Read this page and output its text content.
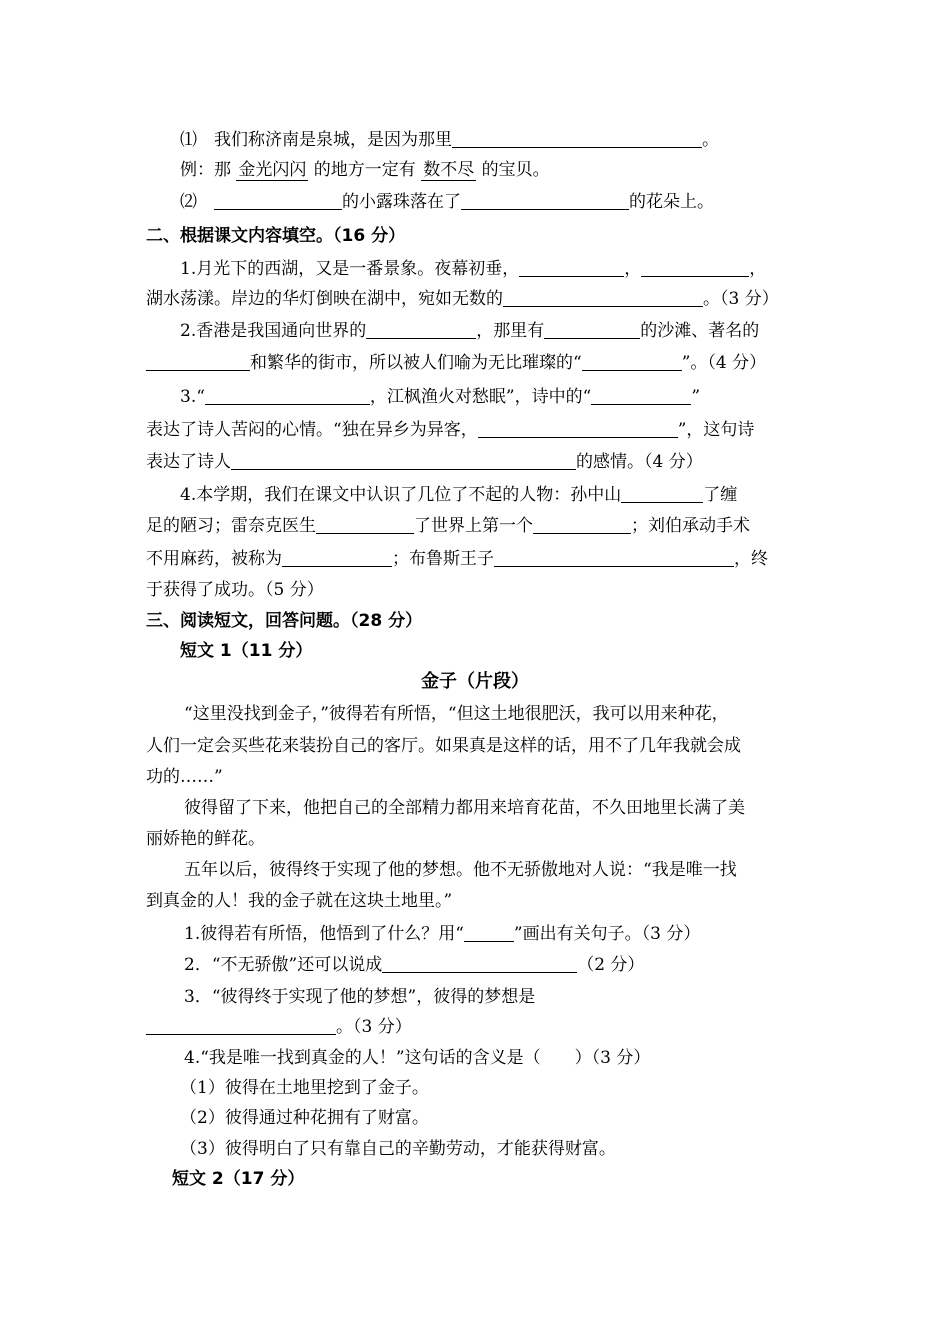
⑴　我们称济南是泉城，是因为那里	。
例：那 金光闪闪 的地方一定有 数不尽 的宝贝。
⑵　	的小露珠落在了	的花朵上。
二、根据课文内容填空。（16 分）
1.月光下的西湖，又是一番景象。夜幕初垂，	，	，
湖水荡漾。岸边的华灯倒映在湖中，宛如无数的	。（3 分）
2.香港是我国通向世界的	，那里有	的沙滩、著名的
和繁华的街市，所以被人们喻为无比璀璨的“	”。（4 分）
3.“	，江枫渔火对愁眠”，诗中的“	”
表达了诗人苦闷的心情。“独在异乡为异客，	”，这句诗
表达了诗人	的感情。（4 分）
4.本学期，我们在课文中认识了几位了不起的人物：孙中山	了缠
足的陋习；雷奈克医生	了世界上第一个	；刘伯承动手术
不用麻药，被称为	；布鲁斯王子	，终
于获得了成功。（5 分）
三、阅读短文，回答问题。（28 分）
短文 1（11 分）
金子（片段）
“这里没找到金子，”彼得若有所悟，“但这土地很肥沃，我可以用来种花，
人们一定会买些花来装扮自己的客厅。如果真是这样的话，用不了几年我就会成
功的……”
彼得留了下来，他把自己的全部精力都用来培育花苗，不久田地里长满了美
丽娇艳的鲜花。
五年以后，彼得终于实现了他的梦想。他不无骄傲地对人说：“我是唯一找
到真金的人！我的金子就在这块土地里。”
1.彼得若有所悟，他悟到了什么？用“	”画出有关句子。（3 分）
2．“不无骄傲”还可以说成	（2 分）
3．“彼得终于实现了他的梦想”，彼得的梦想是
。（3 分）
4.“我是唯一找到真金的人！”这句话的含义是（　　）（3 分）
（1）彼得在土地里挖到了金子。
（2）彼得通过种花拥有了财富。
（3）彼得明白了只有靠自己的辛勤劳动，才能获得财富。
短文 2（17 分）
